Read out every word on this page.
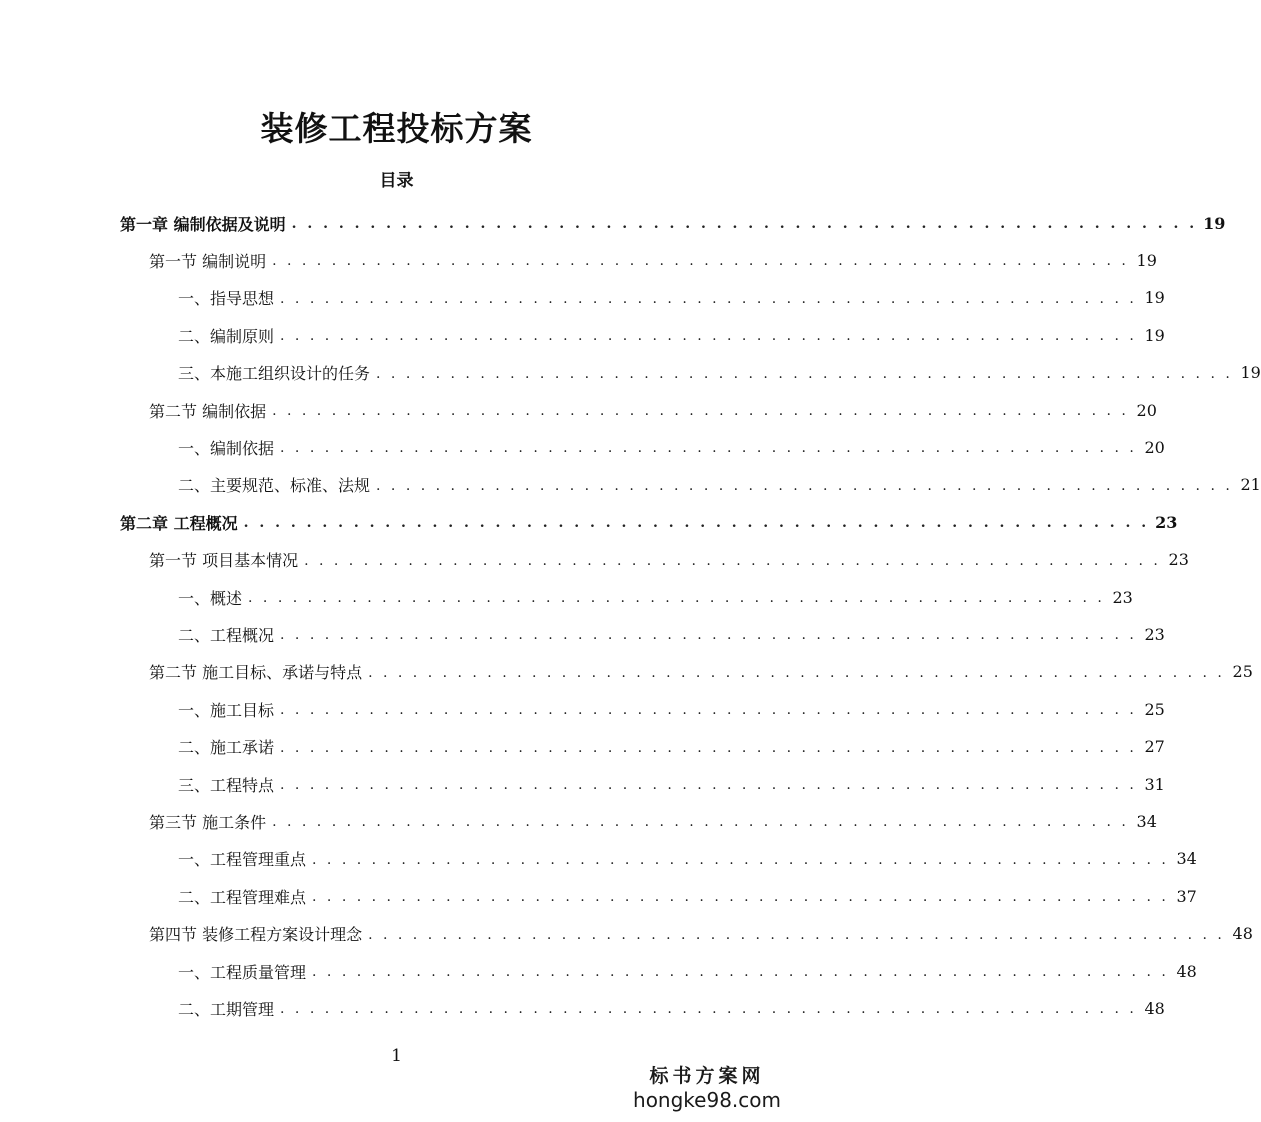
装修工程投标方案
目录
第一章 编制依据及说明 . . . . . . . . . . . . . . . . . . . . . . . . . . . . . . . . . . . . . . . . . . . . . . . . . . . . . . . . . . 19
第一节 编制说明 . . . . . . . . . . . . . . . . . . . . . . . . . . . . . . . . . . . . . . . . . . . . . . . . . . . . . . . . . . 19
一、指导思想 . . . . . . . . . . . . . . . . . . . . . . . . . . . . . . . . . . . . . . . . . . . . . . . . . . . . . . . . . . 19
二、编制原则 . . . . . . . . . . . . . . . . . . . . . . . . . . . . . . . . . . . . . . . . . . . . . . . . . . . . . . . . . . 19
三、本施工组织设计的任务 . . . . . . . . . . . . . . . . . . . . . . . . . . . . . . . . . . . . . . . . . . . . . . . . . . . . . . . . . . 19
第二节 编制依据 . . . . . . . . . . . . . . . . . . . . . . . . . . . . . . . . . . . . . . . . . . . . . . . . . . . . . . . . . . 20
一、编制依据 . . . . . . . . . . . . . . . . . . . . . . . . . . . . . . . . . . . . . . . . . . . . . . . . . . . . . . . . . . 20
二、主要规范、标准、法规 . . . . . . . . . . . . . . . . . . . . . . . . . . . . . . . . . . . . . . . . . . . . . . . . . . . . . . . . . . 21
第二章 工程概况 . . . . . . . . . . . . . . . . . . . . . . . . . . . . . . . . . . . . . . . . . . . . . . . . . . . . . . . . . . 23
第一节 项目基本情况 . . . . . . . . . . . . . . . . . . . . . . . . . . . . . . . . . . . . . . . . . . . . . . . . . . . . . . . . . . 23
一、概述 . . . . . . . . . . . . . . . . . . . . . . . . . . . . . . . . . . . . . . . . . . . . . . . . . . . . . . . . . . 23
二、工程概况 . . . . . . . . . . . . . . . . . . . . . . . . . . . . . . . . . . . . . . . . . . . . . . . . . . . . . . . . . . 23
第二节 施工目标、承诺与特点 . . . . . . . . . . . . . . . . . . . . . . . . . . . . . . . . . . . . . . . . . . . . . . . . . . . . . . . . . . 25
一、施工目标 . . . . . . . . . . . . . . . . . . . . . . . . . . . . . . . . . . . . . . . . . . . . . . . . . . . . . . . . . . 25
二、施工承诺 . . . . . . . . . . . . . . . . . . . . . . . . . . . . . . . . . . . . . . . . . . . . . . . . . . . . . . . . . . 27
三、工程特点 . . . . . . . . . . . . . . . . . . . . . . . . . . . . . . . . . . . . . . . . . . . . . . . . . . . . . . . . . . 31
第三节 施工条件 . . . . . . . . . . . . . . . . . . . . . . . . . . . . . . . . . . . . . . . . . . . . . . . . . . . . . . . . . . 34
一、工程管理重点 . . . . . . . . . . . . . . . . . . . . . . . . . . . . . . . . . . . . . . . . . . . . . . . . . . . . . . . . . . 34
二、工程管理难点 . . . . . . . . . . . . . . . . . . . . . . . . . . . . . . . . . . . . . . . . . . . . . . . . . . . . . . . . . . 37
第四节 装修工程方案设计理念 . . . . . . . . . . . . . . . . . . . . . . . . . . . . . . . . . . . . . . . . . . . . . . . . . . . . . . . . . . 48
一、工程质量管理 . . . . . . . . . . . . . . . . . . . . . . . . . . . . . . . . . . . . . . . . . . . . . . . . . . . . . . . . . . 48
二、工期管理 . . . . . . . . . . . . . . . . . . . . . . . . . . . . . . . . . . . . . . . . . . . . . . . . . . . . . . . . . . 48
1
标书方案网
hongke98.com
